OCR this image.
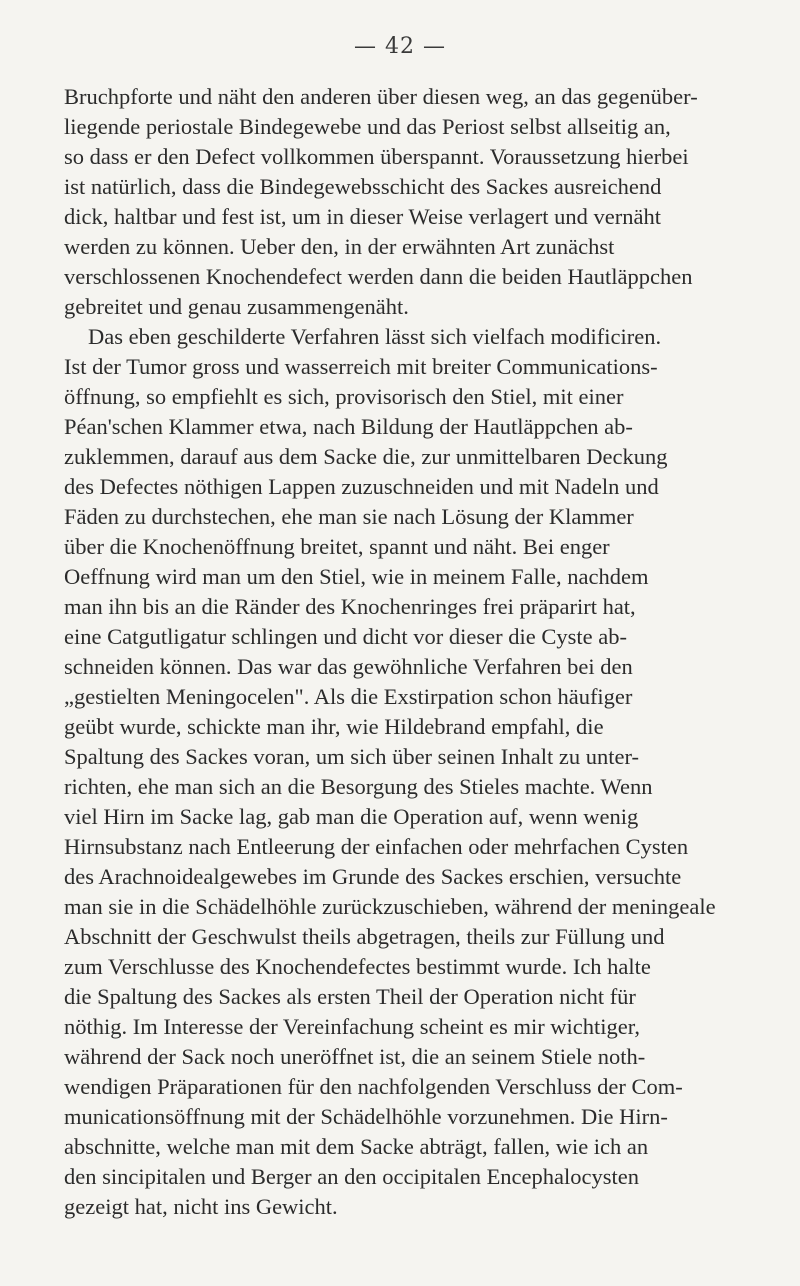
— 42 —
Bruchpforte und näht den anderen über diesen weg, an das gegenüber-
liegende periostale Bindegewebe und das Periost selbst allseitig an,
so dass er den Defect vollkommen überspannt. Voraussetzung hierbei
ist natürlich, dass die Bindegewebsschicht des Sackes ausreichend
dick, haltbar und fest ist, um in dieser Weise verlagert und vernäht
werden zu können. Ueber den, in der erwähnten Art zunächst
verschlossenen Knochendefect werden dann die beiden Hautläppchen
gebreitet und genau zusammengenäht.
Das eben geschilderte Verfahren lässt sich vielfach modificiren.
Ist der Tumor gross und wasserreich mit breiter Communications-
öffnung, so empfiehlt es sich, provisorisch den Stiel, mit einer
Péan'schen Klammer etwa, nach Bildung der Hautläppchen ab-
zuklemmen, darauf aus dem Sacke die, zur unmittelbaren Deckung
des Defectes nöthigen Lappen zuzuschneiden und mit Nadeln und
Fäden zu durchstechen, ehe man sie nach Lösung der Klammer
über die Knochenöffnung breitet, spannt und näht. Bei enger
Oeffnung wird man um den Stiel, wie in meinem Falle, nachdem
man ihn bis an die Ränder des Knochenringes frei präparirt hat,
eine Catgutligatur schlingen und dicht vor dieser die Cyste ab-
schneiden können. Das war das gewöhnliche Verfahren bei den
„gestielten Meningocelen". Als die Exstirpation schon häufiger
geübt wurde, schickte man ihr, wie Hildebrand empfahl, die
Spaltung des Sackes voran, um sich über seinen Inhalt zu unter-
richten, ehe man sich an die Besorgung des Stieles machte. Wenn
viel Hirn im Sacke lag, gab man die Operation auf, wenn wenig
Hirnsubstanz nach Entleerung der einfachen oder mehrfachen Cysten
des Arachnoidealgewebes im Grunde des Sackes erschien, versuchte
man sie in die Schädelhöhle zurückzuschieben, während der meningeale
Abschnitt der Geschwulst theils abgetragen, theils zur Füllung und
zum Verschlusse des Knochendefectes bestimmt wurde. Ich halte
die Spaltung des Sackes als ersten Theil der Operation nicht für
nöthig. Im Interesse der Vereinfachung scheint es mir wichtiger,
während der Sack noch uneröffnet ist, die an seinem Stiele noth-
wendigen Präparationen für den nachfolgenden Verschluss der Com-
municationsöffnung mit der Schädelhöhle vorzunehmen. Die Hirn-
abschnitte, welche man mit dem Sacke abträgt, fallen, wie ich an
den sincipitalen und Berger an den occipitalen Encephalocysten
gezeigt hat, nicht ins Gewicht.
